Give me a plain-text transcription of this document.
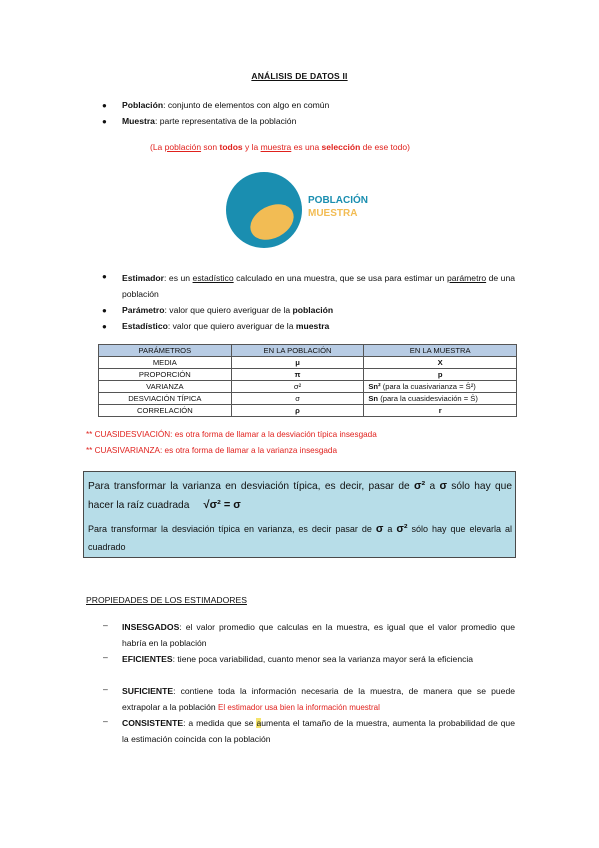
ANÁLISIS DE DATOS II
● Población: conjunto de elementos con algo en común
● Muestra: parte representativa de la población
(La población son todos y la muestra es una selección de ese todo)
POBLACIÓN
MUESTRA
● Estimador: es un estadístico calculado en una muestra, que se usa para estimar un parámetro de una población
● Parámetro: valor que quiero averiguar de la población
● Estadístico: valor que quiero averiguar de la muestra
PARÁMETROS	EN LA POBLACIÓN	EN LA MUESTRA
MEDIA	μ	X
PROPORCIÓN	π	p
VARIANZA	σ²	Sn² (para la cuasivarianza = Ŝ²)
DESVIACIÓN TÍPICA	σ	Sn (para la cuasidesviación = Ŝ)
CORRELACIÓN	ρ	r
** CUASIDESVIACIÓN: es otra forma de llamar a la desviación típica insesgada
** CUASIVARIANZA: es otra forma de llamar a la varianza insesgada
Para transformar la varianza en desviación típica, es decir, pasar de σ² a σ sólo hay que hacer la raíz cuadrada √σ² = σ
Para transformar la desviación típica en varianza, es decir pasar de σ a σ² sólo hay que elevarla al cuadrado
PROPIEDADES DE LOS ESTIMADORES
– INSESGADOS: el valor promedio que calculas en la muestra, es igual que el valor promedio que habría en la población
– EFICIENTES: tiene poca variabilidad, cuanto menor sea la varianza mayor será la eficiencia
– SUFICIENTE: contiene toda la información necesaria de la muestra, de manera que se puede extrapolar a la población El estimador usa bien la información muestral
– CONSISTENTE: a medida que se aumenta el tamaño de la muestra, aumenta la probabilidad de que la estimación coincida con la población
